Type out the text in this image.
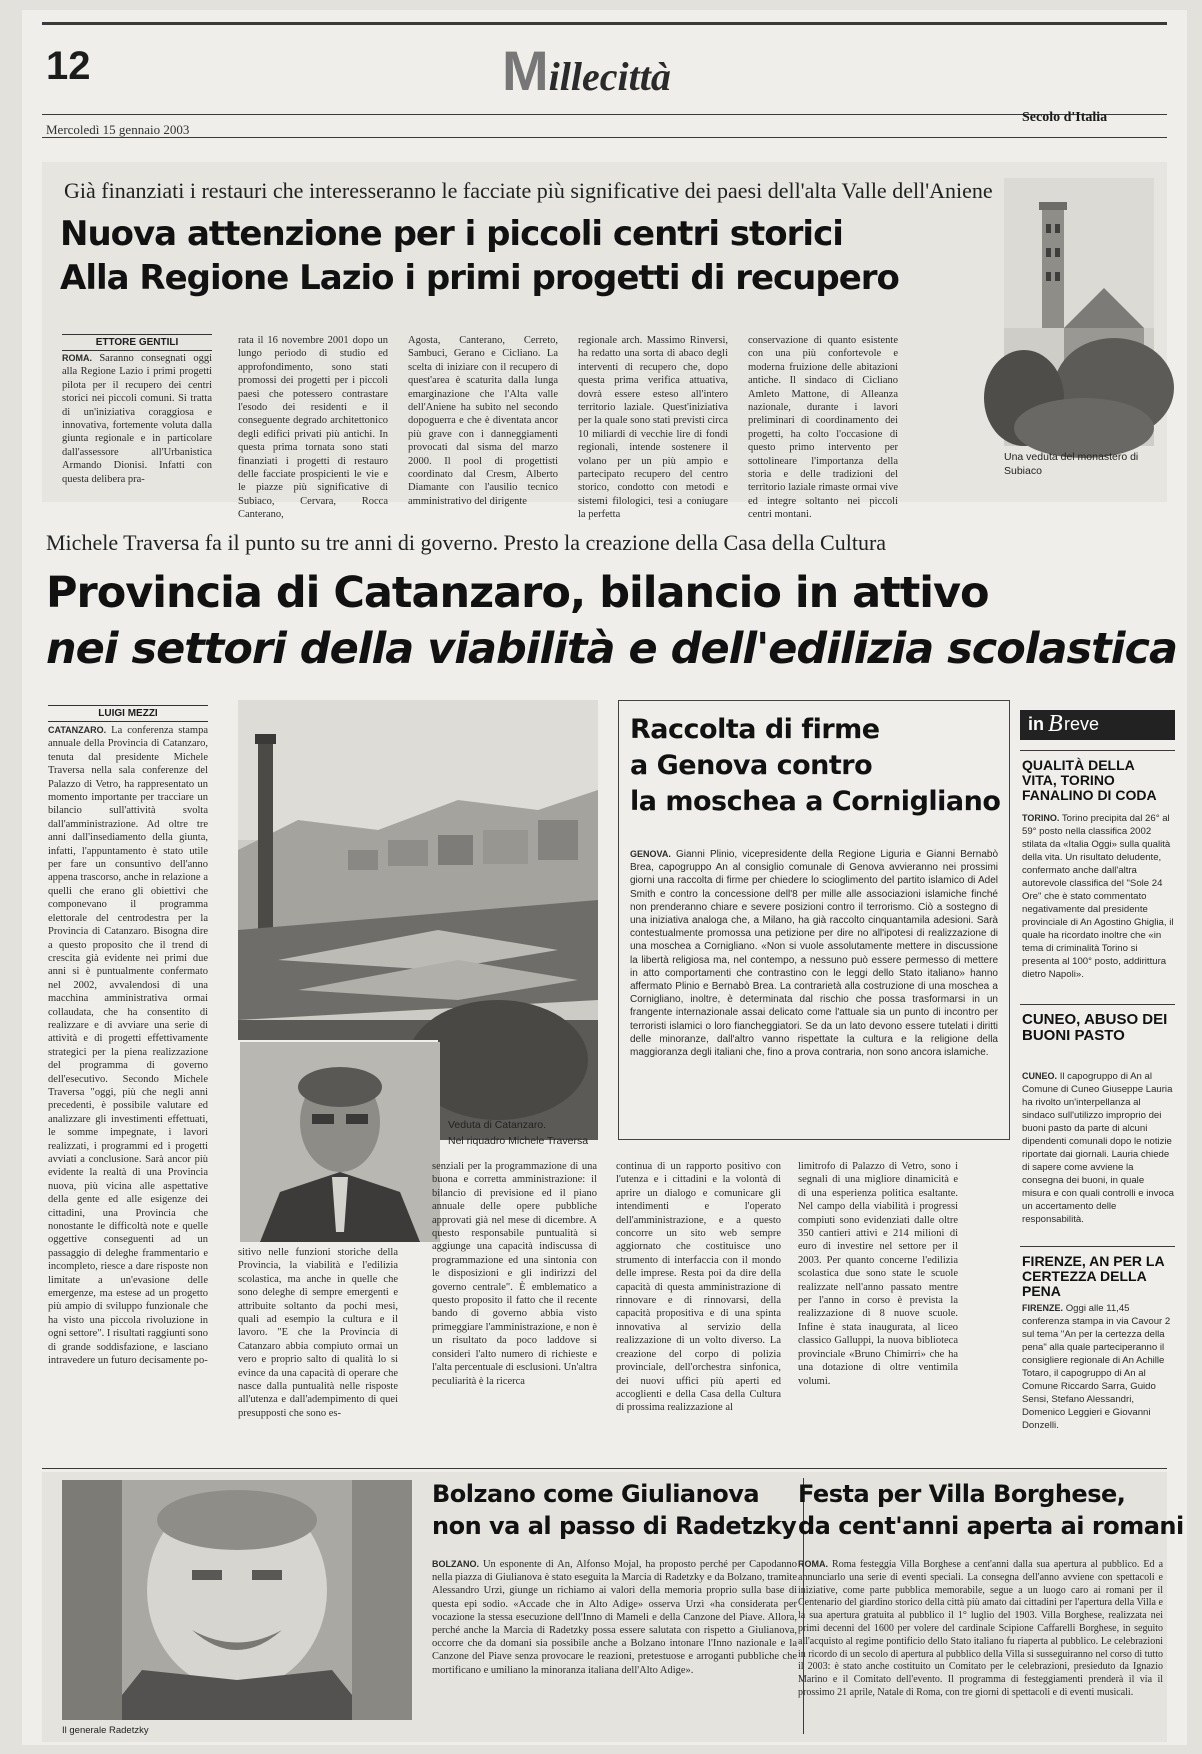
12	Millecittà
Mercoledì 15 gennaio 2003
Secolo d'Italia
Già finanziati i restauri che interesseranno le facciate più significative dei paesi dell'alta Valle dell'Aniene
Nuova attenzione per i piccoli centri storici
Alla Regione Lazio i primi progetti di recupero
ETTORE GENTILI
ROMA. Saranno consegnati oggi alla Regione Lazio i primi progetti pilota per il recupero dei centri storici nei piccoli comuni. Si tratta di un'iniziativa coraggiosa e innovativa, fortemente voluta dalla giunta regionale e in particolare dall'assessore all'Urbanistica Armando Dionisi. Infatti con questa delibera pra-
rata il 16 novembre 2001 dopo un lungo periodo di studio ed approfondimento, sono stati promossi dei progetti per i piccoli paesi che potessero contrastare l'esodo dei residenti e il conseguente degrado architettonico degli edifici privati più antichi. In questa prima tornata sono stati finanziati i progetti di restauro delle facciate prospicienti le vie e le piazze più significative di Subiaco, Cervara, Rocca Canterano,
Agosta, Canterano, Cerreto, Sambuci, Gerano e Cicliano. La scelta di iniziare con il recupero di quest'area è scaturita dalla lunga emarginazione che l'Alta valle dell'Aniene ha subìto nel secondo dopoguerra e che è diventata ancor più grave con i danneggiamenti provocati dal sisma del marzo 2000. Il pool di progettisti coordinato dal Cresm, Alberto Diamante con l'ausilio tecnico amministrativo del dirigente
regionale arch. Massimo Rinversi, ha redatto una sorta di abaco degli interventi di recupero che, dopo questa prima verifica attuativa, dovrà essere esteso all'intero territorio laziale. Quest'iniziativa per la quale sono stati previsti circa 10 miliardi di vecchie lire di fondi regionali, intende sostenere il volano per un più ampio e partecipato recupero del centro storico, condotto con metodi e sistemi filologici, tesi a coniugare la perfetta
conservazione di quanto esistente con una più confortevole e moderna fruizione delle abitazioni antiche. Il sindaco di Cicliano Amleto Mattone, di Alleanza nazionale, durante i lavori preliminari di coordinamento dei progetti, ha colto l'occasione di questo primo intervento per sottolineare l'importanza della storia e delle tradizioni del territorio laziale rimaste ormai vive ed integre soltanto nei piccoli centri montani.
Una veduta del monastero di Subiaco
Michele Traversa fa il punto su tre anni di governo. Presto la creazione della Casa della Cultura
Provincia di Catanzaro, bilancio in attivo
nei settori della viabilità e dell'edilizia scolastica
LUIGI MEZZI
CATANZARO. La conferenza stampa annuale della Provincia di Catanzaro, tenuta dal presidente Michele Traversa nella sala conferenze del Palazzo di Vetro, ha rappresentato un momento importante per tracciare un bilancio sull'attività svolta dall'amministrazione. Ad oltre tre anni dall'insediamento della giunta, infatti, l'appuntamento è stato utile per fare un consuntivo dell'anno appena trascorso, anche in relazione a quelli che erano gli obiettivi che componevano il programma elettorale del centrodestra per la Provincia di Catanzaro. Bisogna dire a questo proposito che il trend di crescita già evidente nei primi due anni si è puntualmente confermato nel 2002, avvalendosi di una macchina amministrativa ormai collaudata, che ha consentito di realizzare e di avviare una serie di attività e di progetti effettivamente strategici per la piena realizzazione del programma di governo dell'esecutivo. Secondo Michele Traversa "oggi, più che negli anni precedenti, è possibile valutare ed analizzare gli investimenti effettuati, le somme impegnate, i lavori realizzati, i programmi ed i progetti avviati a conclusione. Sarà ancor più evidente la realtà di una Provincia nuova, più vicina alle aspettative della gente ed alle esigenze dei cittadini, una Provincia che nonostante le difficoltà note e quelle oggettive conseguenti ad un passaggio di deleghe frammentario e incompleto, riesce a dare risposte non limitate a un'evasione delle emergenze, ma estese ad un progetto più ampio di sviluppo funzionale che ha visto una piccola rivoluzione in ogni settore". I risultati raggiunti sono di grande soddisfazione, e lasciano intravedere un futuro decisamente po-
Veduta di Catanzaro.
Nel riquadro Michele Traversa
sitivo nelle funzioni storiche della Provincia, la viabilità e l'edilizia scolastica, ma anche in quelle che sono deleghe di sempre emergenti e attribuite soltanto da pochi mesi, quali ad esempio la cultura e il lavoro. "E che la Provincia di Catanzaro abbia compiuto ormai un vero e proprio salto di qualità lo si evince da una capacità di operare che nasce dalla puntualità nelle risposte all'utenza e dall'adempimento di quei presupposti che sono es-
senziali per la programmazione di una buona e corretta amministrazione: il bilancio di previsione ed il piano annuale delle opere pubbliche approvati già nel mese di dicembre. A questo responsabile puntualità si aggiunge una capacità indiscussa di programmazione ed una sintonia con le disposizioni e gli indirizzi del governo centrale". È emblematico a questo proposito il fatto che il recente bando di governo abbia visto primeggiare l'amministrazione, e non è un risultato da poco laddove si consideri l'alto numero di richieste e l'alta percentuale di esclusioni. Un'altra peculiarità è la ricerca
continua di un rapporto positivo con l'utenza e i cittadini e la volontà di aprire un dialogo e comunicare gli intendimenti e l'operato dell'amministrazione, e a questo concorre un sito web sempre aggiornato che costituisce uno strumento di interfaccia con il mondo delle imprese. Resta poi da dire della capacità di questa amministrazione di rinnovare e di rinnovarsi, della capacità propositiva e di una spinta innovativa al servizio della realizzazione di un volto diverso. La creazione del corpo di polizia provinciale, dell'orchestra sinfonica, dei nuovi uffici più aperti ed accoglienti e della Casa della Cultura di prossima realizzazione al
limitrofo di Palazzo di Vetro, sono i segnali di una migliore dinamicità e di una esperienza politica esaltante. Nel campo della viabilità i progressi compiuti sono evidenziati dalle oltre 350 cantieri attivi e 214 milioni di euro di investire nel settore per il 2003. Per quanto concerne l'edilizia scolastica due sono state le scuole realizzate nell'anno passato mentre per l'anno in corso è prevista la realizzazione di 8 nuove scuole. Infine è stata inaugurata, al liceo classico Galluppi, la nuova biblioteca provinciale «Bruno Chimirri» che ha una dotazione di oltre ventimila volumi.
Raccolta di firme
a Genova contro
la moschea a Cornigliano
GENOVA. Gianni Plinio, vicepresidente della Regione Liguria e Gianni Bernabò Brea, capogruppo An al consiglio comunale di Genova avvieranno nei prossimi giorni una raccolta di firme per chiedere lo scioglimento del partito islamico di Adel Smith e contro la concessione dell'8 per mille alle associazioni islamiche finché non prenderanno chiare e severe posizioni contro il terrorismo. Ciò a sostegno di una iniziativa analoga che, a Milano, ha già raccolto cinquantamila adesioni. Sarà contestualmente promossa una petizione per dire no all'ipotesi di realizzazione di una moschea a Cornigliano. «Non si vuole assolutamente mettere in discussione la libertà religiosa ma, nel contempo, a nessuno può essere permesso di mettere in atto comportamenti che contrastino con le leggi dello Stato italiano» hanno affermato Plinio e Bernabò Brea. La contrarietà alla costruzione di una moschea a Cornigliano, inoltre, è determinata dal rischio che possa trasformarsi in un frangente internazionale assai delicato come l'attuale sia un punto di incontro per terroristi islamici o loro fiancheggiatori. Se da un lato devono essere tutelati i diritti delle minoranze, dall'altro vanno rispettate la cultura e la religione della maggioranza degli italiani che, fino a prova contraria, non sono ancora islamiche.
in B reve
QUALITÀ DELLA VITA, TORINO FANALINO DI CODA
TORINO. Torino precipita dal 26° al 59° posto nella classifica 2002 stilata da «Italia Oggi» sulla qualità della vita. Un risultato deludente, confermato anche dall'altra autorevole classifica del "Sole 24 Ore" che è stato commentato negativamente dal presidente provinciale di An Agostino Ghiglia, il quale ha ricordato inoltre che «in tema di criminalità Torino si presenta al 100° posto, addirittura dietro Napoli».
CUNEO, ABUSO DEI BUONI PASTO
CUNEO. Il capogruppo di An al Comune di Cuneo Giuseppe Lauria ha rivolto un'interpellanza al sindaco sull'utilizzo improprio dei buoni pasto da parte di alcuni dipendenti comunali dopo le notizie riportate dai giornali. Lauria chiede di sapere come avviene la consegna dei buoni, in quale misura e con quali controlli e invoca un accertamento delle responsabilità.
FIRENZE, AN PER LA CERTEZZA DELLA PENA
FIRENZE. Oggi alle 11,45 conferenza stampa in via Cavour 2 sul tema "An per la certezza della pena" alla quale parteciperanno il consigliere regionale di An Achille Totaro, il capogruppo di An al Comune Riccardo Sarra, Guido Sensi, Stefano Alessandri, Domenico Leggieri e Giovanni Donzelli.
Il generale Radetzky
Bolzano come Giulianova
non va al passo di Radetzky
BOLZANO. Un esponente di An, Alfonso Mojal, ha proposto perché per Capodanno nella piazza di Giulianova è stato eseguita la Marcia di Radetzky e da Bolzano, tramite Alessandro Urzì, giunge un richiamo ai valori della memoria proprio sulla base di questa epi sodio. «Accade che in Alto Adige» osserva Urzì «ha considerata per vocazione la stessa esecuzione dell'Inno di Mameli e della Canzone del Piave. Allora, perché anche la Marcia di Radetzky possa essere salutata con rispetto a Giulianova, occorre che da domani sia possibile anche a Bolzano intonare l'Inno nazionale e la Canzone del Piave senza provocare le reazioni, pretestuose e arroganti pubbliche che mortificano e umiliano la minoranza italiana dell'Alto Adige».
Festa per Villa Borghese,
da cent'anni aperta ai romani
ROMA. Roma festeggia Villa Borghese a cent'anni dalla sua apertura al pubblico. Ed a annunciarlo una serie di eventi speciali. La consegna dell'anno avviene con spettacoli e iniziative, come parte pubblica memorabile, segue a un luogo caro ai romani per il Centenario del giardino storico della città più amato dai cittadini per l'apertura della Villa e la sua apertura gratuita al pubblico il 1° luglio del 1903. Villa Borghese, realizzata nei primi decenni del 1600 per volere del cardinale Scipione Caffarelli Borghese, in seguito all'acquisto al regime pontificio dello Stato italiano fu riaperta al pubblico. Le celebrazioni in ricordo di un secolo di apertura al pubblico della Villa si susseguiranno nel corso di tutto il 2003: è stato anche costituito un Comitato per le celebrazioni, presieduto da Ignazio Marino e il Comitato dell'evento. Il programma di festeggiamenti prenderà il via il prossimo 21 aprile, Natale di Roma, con tre giorni di spettacoli e di eventi musicali.
